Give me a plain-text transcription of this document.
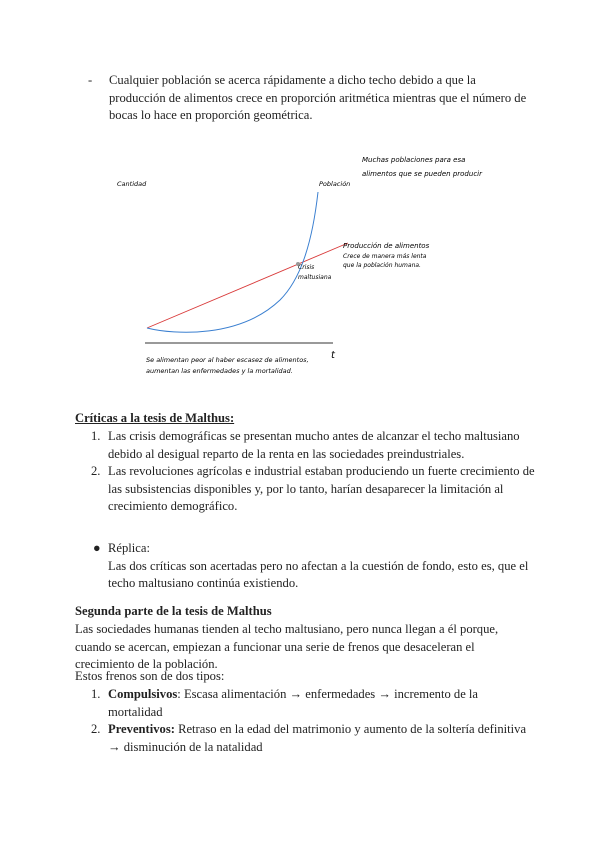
- Cualquier población se acerca rápidamente a dicho techo debido a que la producción de alimentos crece en proporción aritmética mientras que el número de bocas lo hace en proporción geométrica.
Cantidad	Población
Muchas poblaciones para esa
alimentos que se pueden producir
Producción de alimentos
Crece de manera más lenta
que la población humana.
Crisis
maltusiana
t
Se alimentan peor al haber escasez de alimentos,
aumentan las enfermedades y la mortalidad.
Críticas a la tesis de Malthus:
1. Las crisis demográficas se presentan mucho antes de alcanzar el techo maltusiano debido al desigual reparto de la renta en las sociedades preindustriales.
2. Las revoluciones agrícolas e industrial estaban produciendo un fuerte crecimiento de las subsistencias disponibles y, por lo tanto, harían desaparecer la limitación al crecimiento demográfico.
● Réplica:
Las dos críticas son acertadas pero no afectan a la cuestión de fondo, esto es, que el techo maltusiano continúa existiendo.
Segunda parte de la tesis de Malthus
Las sociedades humanas tienden al techo maltusiano, pero nunca llegan a él porque, cuando se acercan, empiezan a funcionar una serie de frenos que desaceleran el crecimiento de la población.
Estos frenos son de dos tipos:
1. Compulsivos: Escasa alimentación → enfermedades → incremento de la mortalidad
2. Preventivos: Retraso en la edad del matrimonio y aumento de la soltería definitiva → disminución de la natalidad
